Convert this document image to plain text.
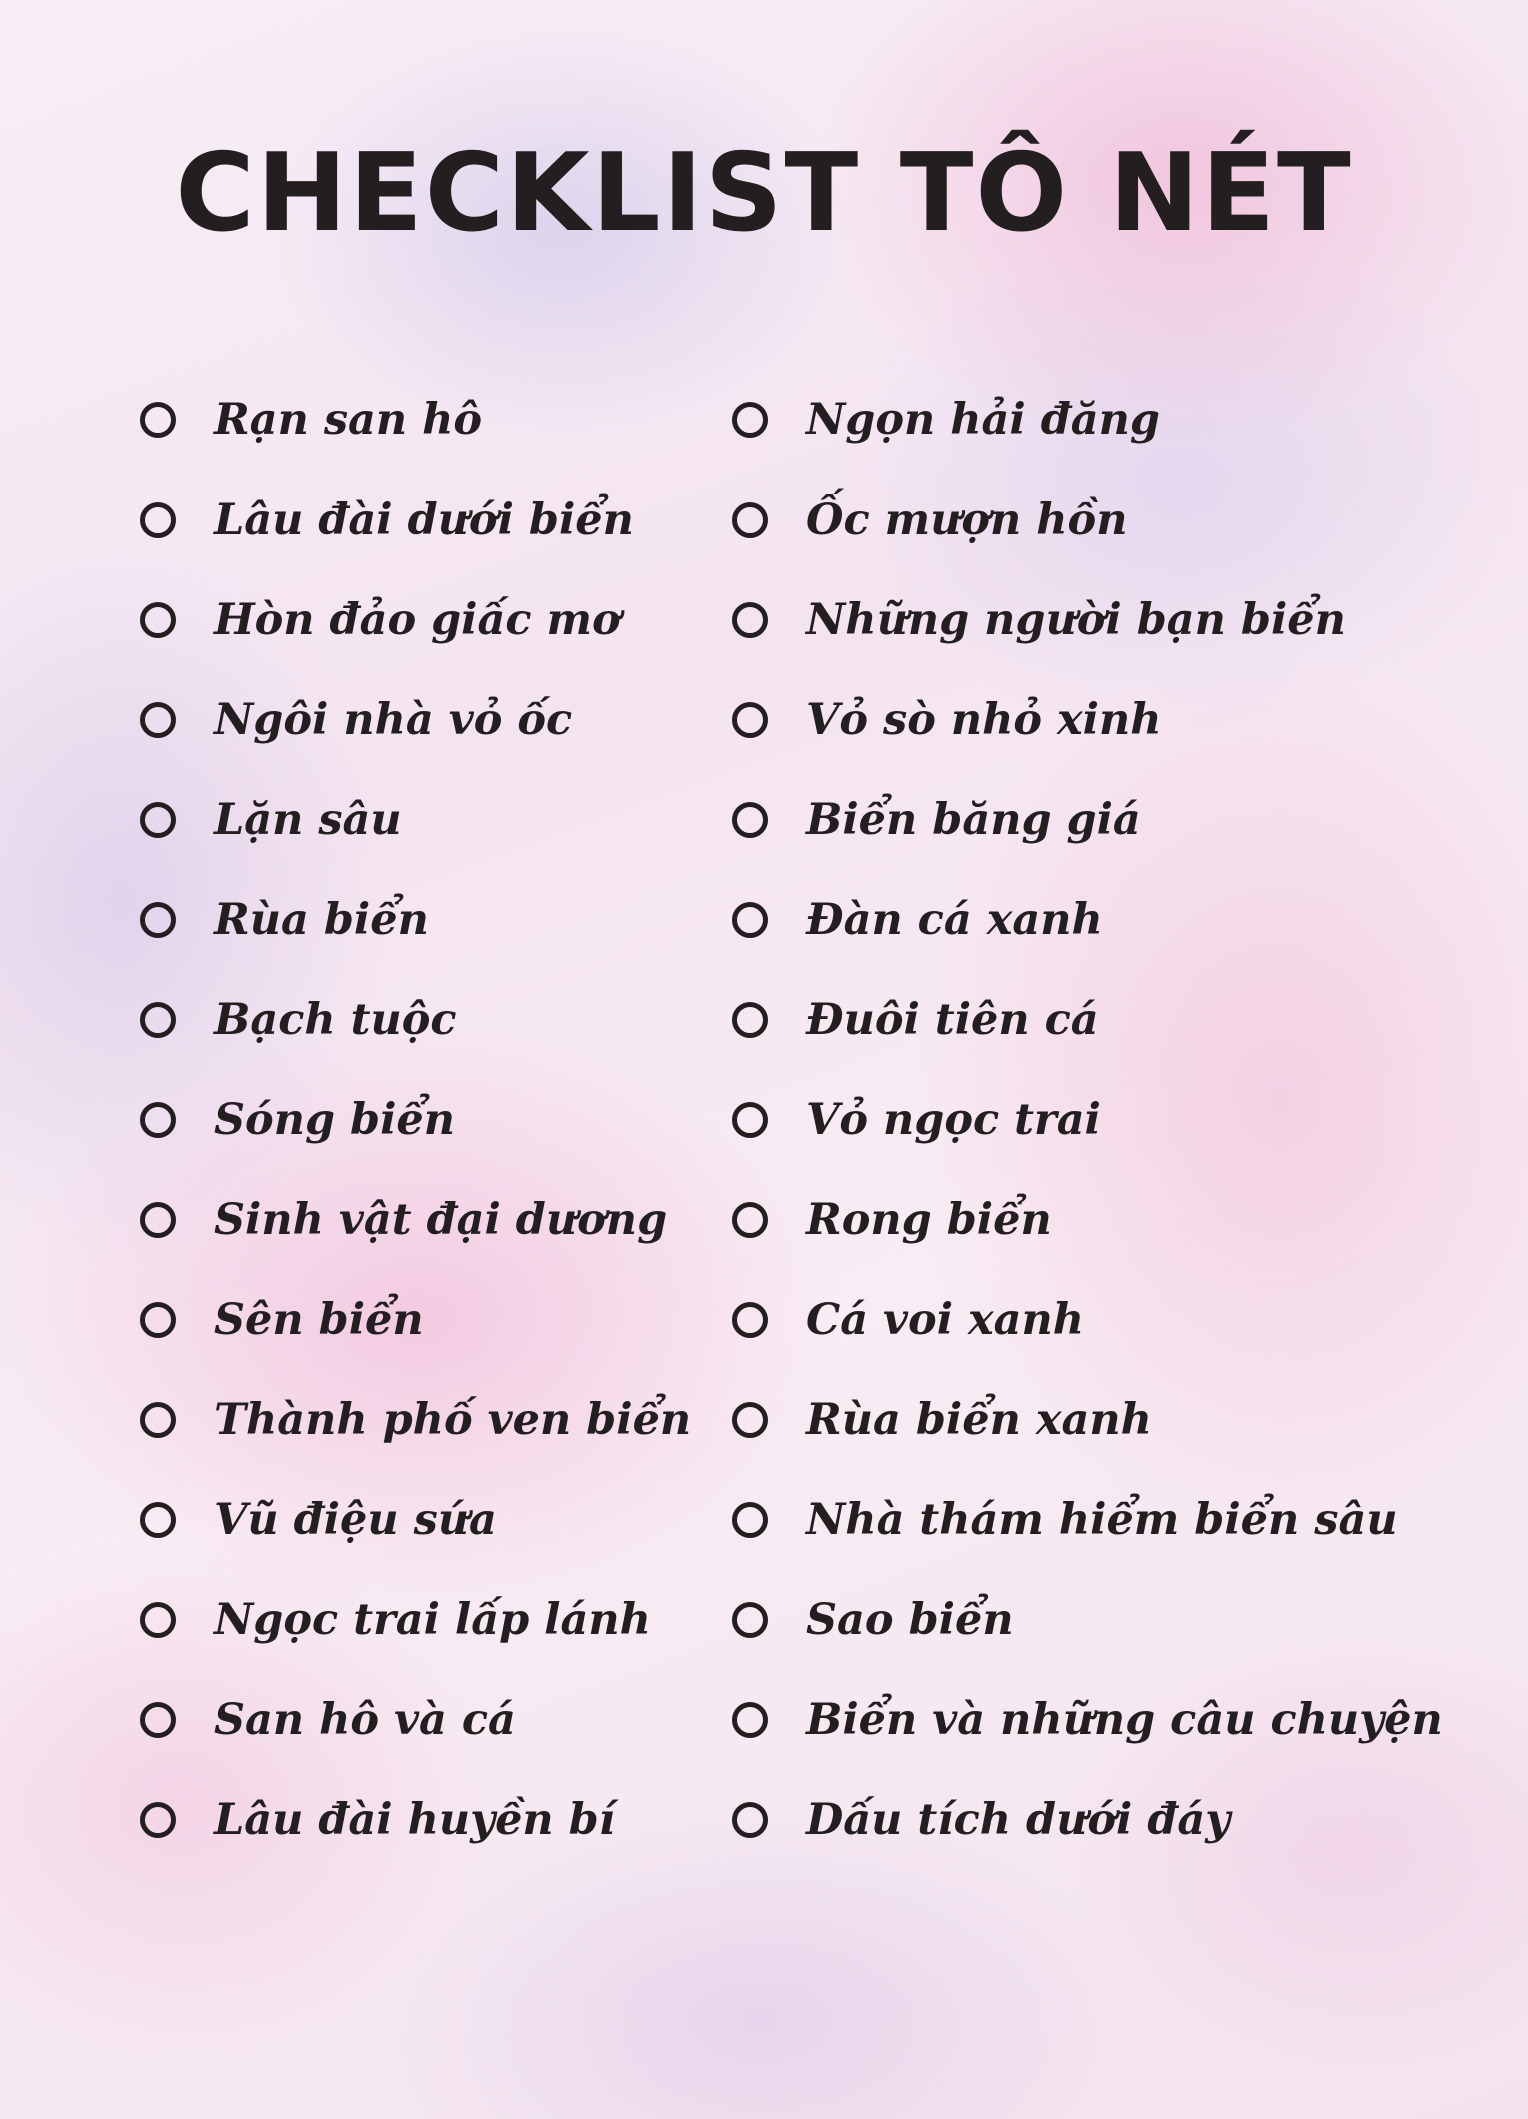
CHECKLIST TÔ NÉT
Rạn san hô
Lâu đài dưới biển
Hòn đảo giấc mơ
Ngôi nhà vỏ ốc
Lặn sâu
Rùa biển
Bạch tuộc
Sóng biển
Sinh vật đại dương
Sên biển
Thành phố ven biển
Vũ điệu sứa
Ngọc trai lấp lánh
San hô và cá
Lâu đài huyền bí
Ngọn hải đăng
Ốc mượn hồn
Những người bạn biển
Vỏ sò nhỏ xinh
Biển băng giá
Đàn cá xanh
Đuôi tiên cá
Vỏ ngọc trai
Rong biển
Cá voi xanh
Rùa biển xanh
Nhà thám hiểm biển sâu
Sao biển
Biển và những câu chuyện
Dấu tích dưới đáy
